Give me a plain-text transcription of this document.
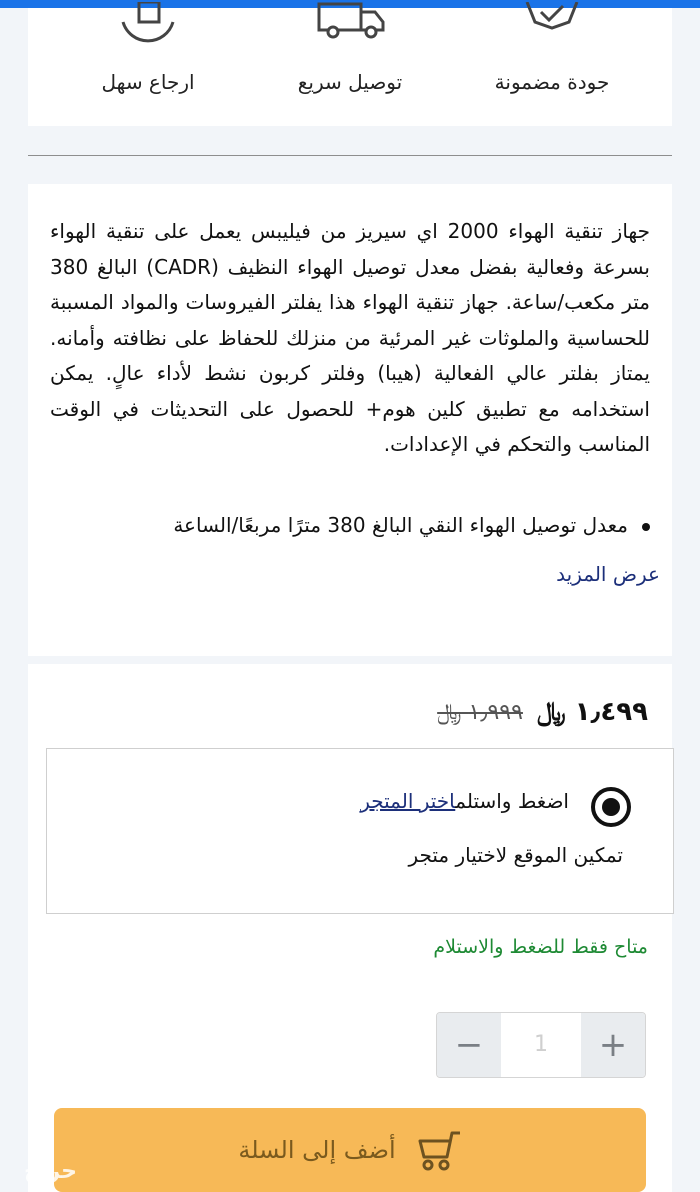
جودة مضمونة
توصيل سريع
ارجاع سهل

جهاز تنقية الهواء 2000 اي سيريز من فيليبس يعمل على تنقية الهواء بسرعة وفعالية بفضل معدل توصيل الهواء النظيف (CADR) البالغ 380 متر مكعب/ساعة. جهاز تنقية الهواء هذا يفلتر الفيروسات والمواد المسببة للحساسية والملوثات غير المرئية من منزلك للحفاظ على نظافته وأمانه. يمتاز بفلتر عالي الفعالية (هيبا) وفلتر كربون نشط لأداء عالٍ. يمكن استخدامه مع تطبيق كلين هوم+ للحصول على التحديثات في الوقت المناسب والتحكم في الإعدادات.

معدل توصيل الهواء النقي البالغ 380 مترًا مربعًا/الساعة
عرض المزيد
١٫٤٩٩ ﷼
١٫٩٩٩ ﷼
اضغط واستلماختر المتجر
تمكين الموقع لاختيار متجر
متاح فقط للضغط والاستلام
−	1	+
أضف إلى السلة
حراج
